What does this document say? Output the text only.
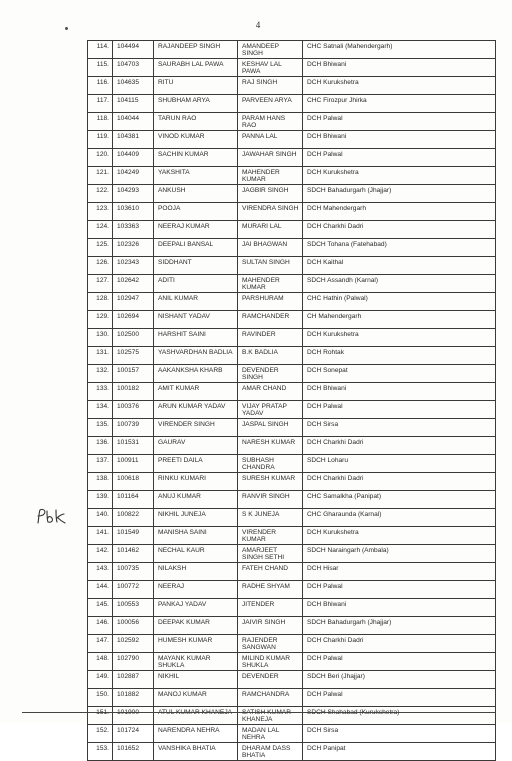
4
114.	104494	RAJANDEEP SINGH	AMANDEEP SINGH	CHC Satnali (Mahendergarh)
115.	104703	SAURABH LAL PAWA	KESHAV LAL PAWA	DCH Bhiwani
116.	104635	RITU	RAJ SINGH	DCH Kurukshetra
117.	104115	SHUBHAM ARYA	PARVEEN ARYA	CHC Firozpur Jhirka
118.	104044	TARUN RAO	PARAM HANS RAO	DCH Palwal
119.	104381	VINOD KUMAR	PANNA LAL	DCH Bhiwani
120.	104409	SACHIN KUMAR	JAWAHAR SINGH	DCH Palwal
121.	104249	YAKSHITA	MAHENDER KUMAR	DCH Kurukshetra
122.	104293	ANKUSH	JAGBIR SINGH	SDCH Bahadurgarh (Jhajjar)
123.	103610	POOJA	VIRENDRA SINGH	DCH Mahendergarh
124.	103363	NEERAJ KUMAR	MURARI LAL	DCH Charkhi Dadri
125.	102326	DEEPALI BANSAL	JAI BHAGWAN	SDCH Tohana (Fatehabad)
126.	102343	SIDDHANT	SULTAN SINGH	DCH Kaithal
127.	102642	ADITI	MAHENDER KUMAR	SDCH Assandh (Karnal)
128.	102947	ANIL KUMAR	PARSHURAM	CHC Hathin (Palwal)
129.	102694	NISHANT YADAV	RAMCHANDER	CH Mahendergarh
130.	102500	HARSHIT SAINI	RAVINDER	DCH Kurukshetra
131.	102575	YASHVARDHAN BADLIA	B.K BADLIA	DCH Rohtak
132.	100157	AAKANKSHA KHARB	DEVENDER SINGH	DCH Sonepat
133.	100182	AMIT KUMAR	AMAR CHAND	DCH Bhiwani
134.	100376	ARUN KUMAR YADAV	VIJAY PRATAP YADAV	DCH Palwal
135.	100739	VIRENDER SINGH	JASPAL SINGH	DCH Sirsa
136.	101531	GAURAV	NARESH KUMAR	DCH Charkhi Dadri
137.	100911	PREETI DAILA	SUBHASH CHANDRA	SDCH Loharu
138.	100618	RINKU KUMARI	SURESH KUMAR	DCH Charkhi Dadri
139.	101164	ANUJ KUMAR	RANVIR SINGH	CHC Samalkha (Panipat)
140.	100822	NIKHIL JUNEJA	S K JUNEJA	CHC Gharaunda (Karnal)
141.	101549	MANISHA SAINI	VIRENDER KUMAR	DCH Kurukshetra
142.	101462	NECHAL KAUR	AMARJEET SINGH SETHI	SDCH Naraingarh (Ambala)
143.	100735	NILAKSH	FATEH CHAND	DCH Hisar
144.	100772	NEERAJ	RADHE SHYAM	DCH Palwal
145.	100553	PANKAJ YADAV	JITENDER	DCH Bhiwani
146.	100056	DEEPAK KUMAR	JAIVIR SINGH	SDCH Bahadurgarh (Jhajjar)
147.	102592	HUMESH KUMAR	RAJENDER SANGWAN	DCH Charkhi Dadri
148.	102790	MAYANK KUMAR SHUKLA	MILIND KUMAR SHUKLA	DCH Palwal
149.	102887	NIKHIL	DEVENDER	SDCH Beri (Jhajjar)
150.	101882	MANOJ KUMAR	RAMCHANDRA	DCH Palwal
151.	101900	ATUL KUMAR KHANEJA	SATISH KUMAR KHANEJA	SDCH Shahabad (Kurukshetra)
152.	101724	NARENDRA NEHRA	MADAN LAL NEHRA	DCH Sirsa
153.	101652	VANSHIKA BHATIA	DHARAM DASS BHATIA	DCH Panipat
